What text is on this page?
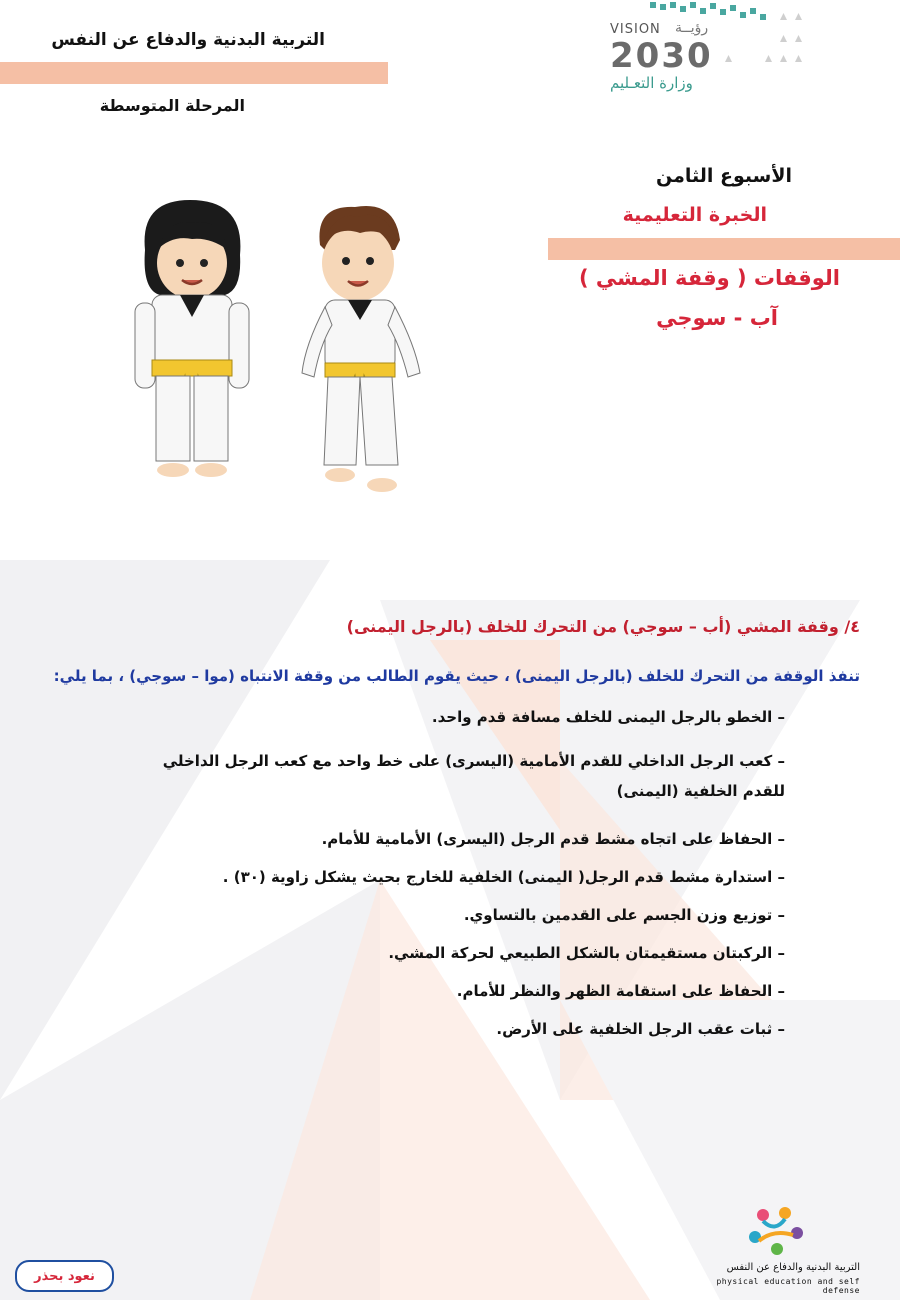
التربية البدنية والدفاع عن النفس
المرحلة المتوسطة
VISION رؤيــة
2030
وزارة التعـليم
الأسبوع الثامن
الخبرة التعليمية
الوقفات ( وقفة المشي )
آب - سوجي
٤/ وقفة المشي (أب – سوجي) من التحرك للخلف (بالرجل اليمنى)
تنفذ الوقفة من التحرك للخلف (بالرجل اليمنى) ، حيث يقوم الطالب من وقفة الانتباه (موا – سوجي) ، بما يلي:
– الخطو بالرجل اليمنى للخلف مسافة قدم واحد.
– كعب الرجل الداخلي للقدم الأمامية (اليسرى) على خط واحد مع كعب الرجل الداخلي للقدم الخلفية (اليمنى)
– الحفاظ على اتجاه مشط قدم الرجل (اليسرى) الأمامية للأمام.
– استدارة مشط قدم الرجل( اليمنى) الخلفية للخارج بحيث يشكل زاوية (٣٠) .
– توزيع وزن الجسم على القدمين بالتساوي.
– الركبتان مستقيمتان بالشكل الطبيعي لحركة المشي.
– الحفاظ على استقامة الظهر والنظر للأمام.
– ثبات عقب الرجل الخلفية على الأرض.
التربية البدنية والدفاع عن النفس
physical education and self defense
نعود بحذر
